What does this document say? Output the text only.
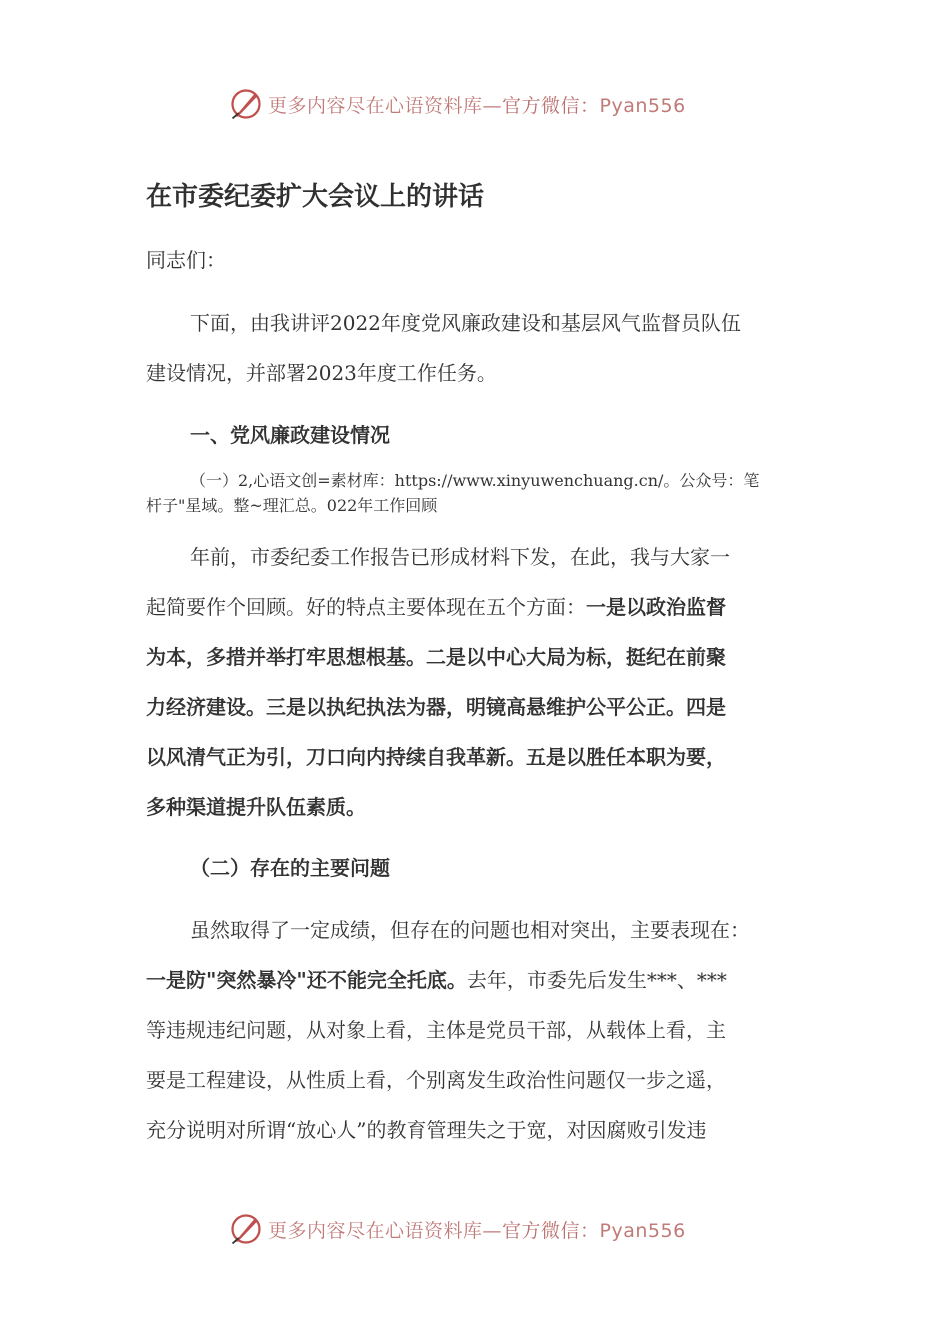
更多内容尽在心语资料库—官方微信：Pyan556
在市委纪委扩大会议上的讲话
同志们：
下面，由我讲评2022年度党风廉政建设和基层风气监督员队伍
建设情况，并部署2023年度工作任务。
一、党风廉政建设情况
（一）2,心语文创=素材库：https://www.xinyuwenchuang.cn/。公众号：笔
杆子"星域。整~理汇总。022年工作回顾
年前，市委纪委工作报告已形成材料下发，在此，我与大家一
起简要作个回顾。好的特点主要体现在五个方面：一是以政治监督
为本，多措并举打牢思想根基。二是以中心大局为标，挺纪在前聚
力经济建设。三是以执纪执法为器，明镜高悬维护公平公正。四是
以风清气正为引，刀口向内持续自我革新。五是以胜任本职为要，
多种渠道提升队伍素质。
（二）存在的主要问题
虽然取得了一定成绩，但存在的问题也相对突出，主要表现在：
一是防"突然暴冷"还不能完全托底。去年，市委先后发生***、***
等违规违纪问题，从对象上看，主体是党员干部，从载体上看，主
要是工程建设，从性质上看，个别离发生政治性问题仅一步之遥，
充分说明对所谓“放心人”的教育管理失之于宽，对因腐败引发违
更多内容尽在心语资料库—官方微信：Pyan556
